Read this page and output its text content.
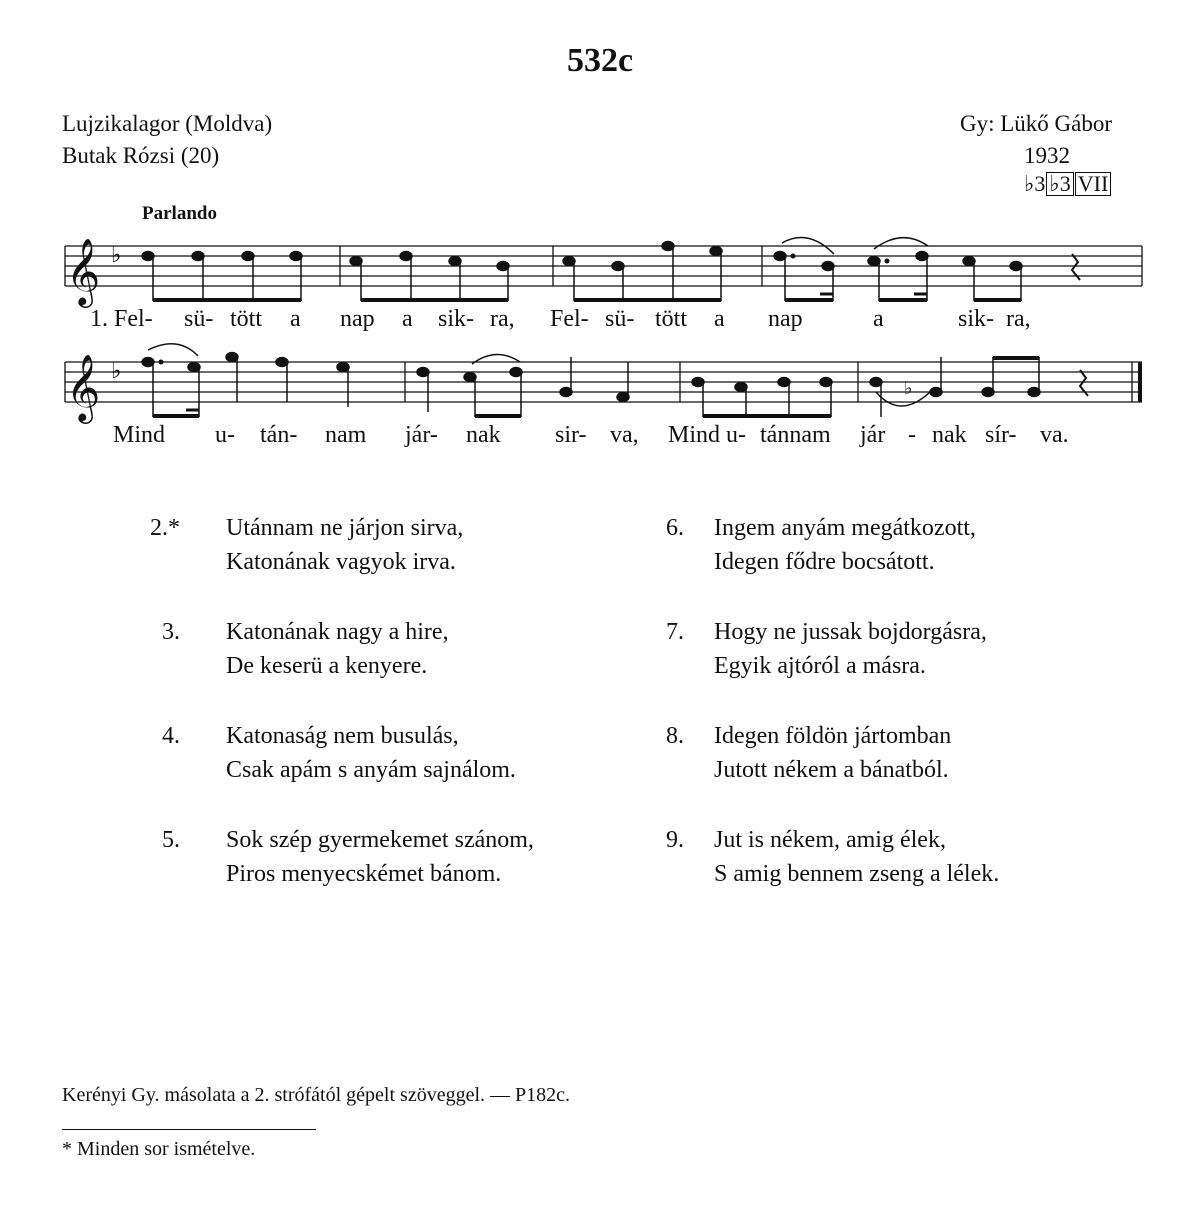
532c
Lujzikalagor (Moldva)
Butak Rózsi (20)
Gy: Lükő Gábor
1932
♭3 ♭3 VII
Parlando
𝄞 ♭
𝄞 ♭
♭
1. Fel- sü- tött a nap a sik- ra, Fel- sü- tött a nap	a	sik- ra,
Mind u- tán- nam jár- nak sir- va, Mind u- tánnam jár - nak sír- va.
2.* Utánnam ne járjon sirva,
Katonának vagyok irva.
3. Katonának nagy a hire,
De keserü a kenyere.
4. Katonaság nem busulás,
Csak apám s anyám sajnálom.
5. Sok szép gyermekemet szánom,
Piros menyecskémet bánom.
6. Ingem anyám megátkozott,
Idegen fődre bocsátott.
7. Hogy ne jussak bojdorgásra,
Egyik ajtóról a másra.
8. Idegen földön jártomban
Jutott nékem a bánatból.
9. Jut is nékem, amig élek,
S amig bennem zseng a lélek.
Kerényi Gy. másolata a 2. strófától gépelt szöveggel. — P182c.
* Minden sor ismételve.
